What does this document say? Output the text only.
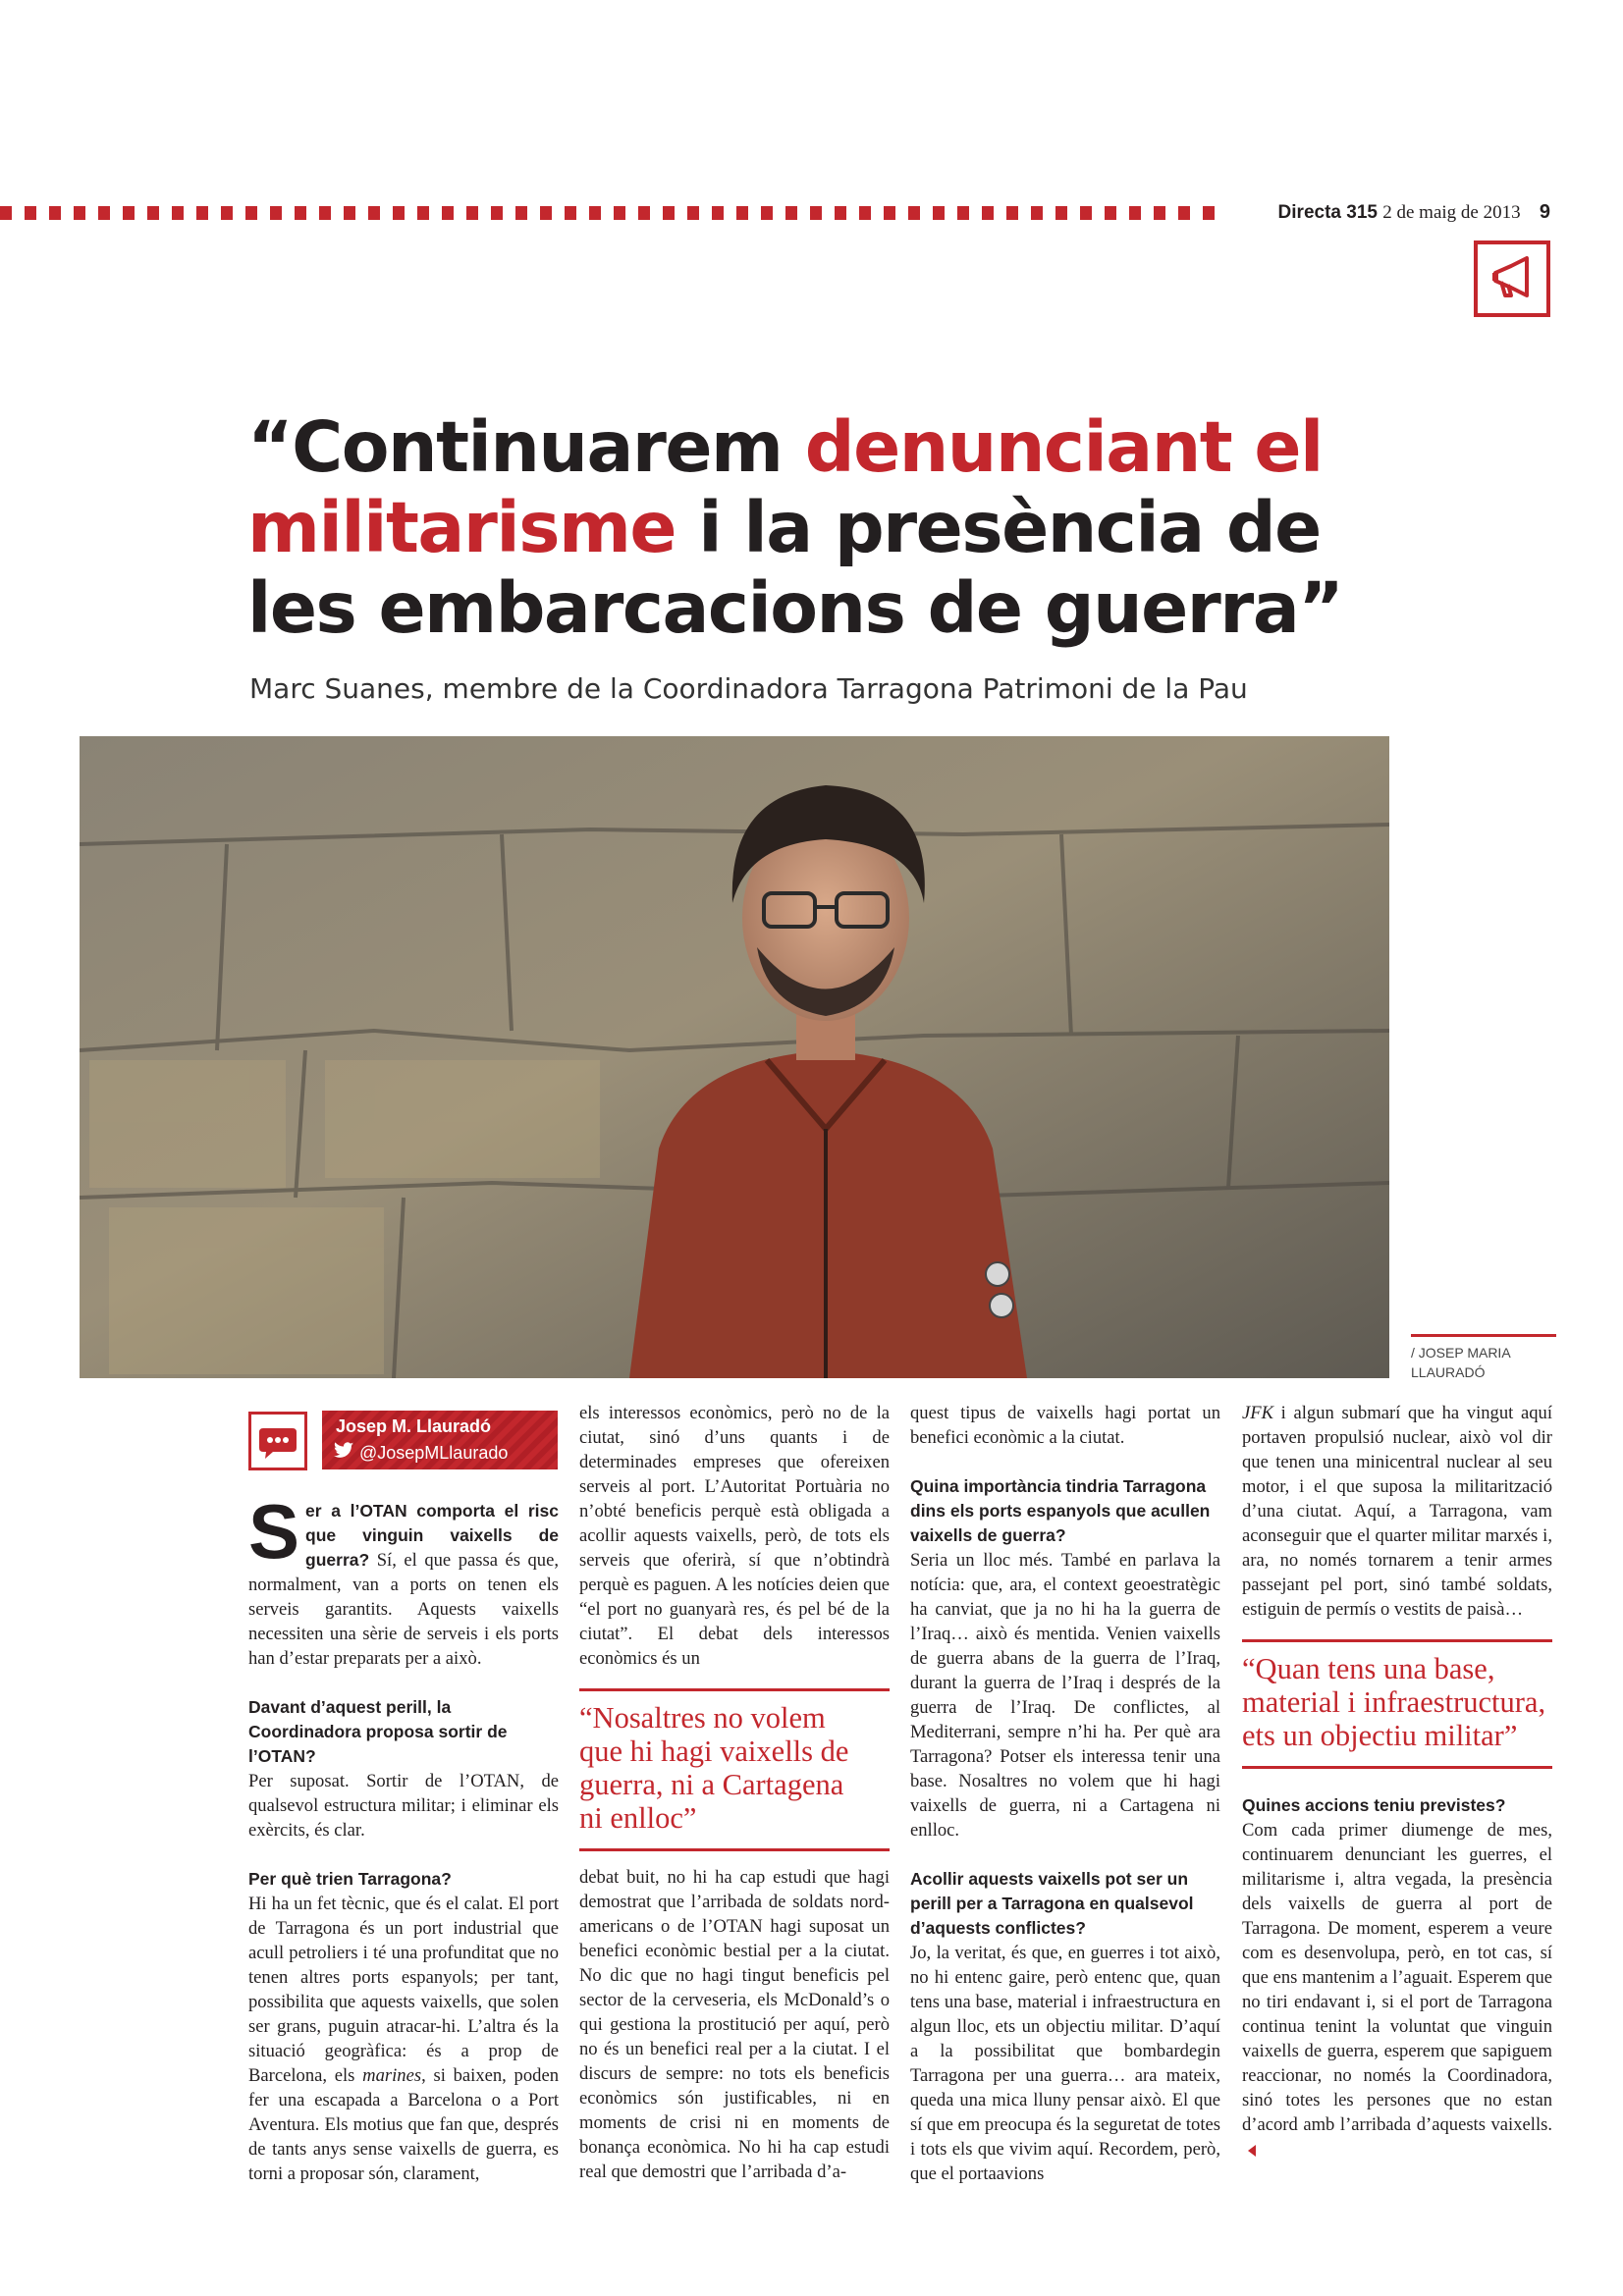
Directa 315 2 de maig de 2013 9
“Continuarem denunciant el militarisme i la presència de les embarcacions de guerra”
Marc Suanes, membre de la Coordinadora Tarragona Patrimoni de la Pau
/ JOSEP MARIA LLAURADÓ
Josep M. Llauradó
@JosepMLlaurado

S er a l’OTAN comporta el risc que vinguin vaixells de guerra? Sí, el que passa és que, normalment, van a ports on tenen els serveis garantits. Aquests vaixells necessiten una sèrie de serveis i els ports han d’estar preparats per a això.

Davant d’aquest perill, la Coordinadora proposa sortir de l’OTAN?

Per suposat. Sortir de l’OTAN, de qualsevol estructura militar; i eliminar els exèrcits, és clar.

Per què trien Tarragona?

Hi ha un fet tècnic, que és el calat. El port de Tarragona és un port industrial que acull petroliers i té una profunditat que no tenen altres ports espanyols; per tant, possibilita que aquests vaixells, que solen ser grans, puguin atracar-hi. L’altra és la situació geogràfica: és a prop de Barcelona, els marines, si baixen, poden fer una escapada a Barcelona o a Port Aventura. Els motius que fan que, després de tants anys sense vaixells de guerra, es torni a proposar són, clarament,

els interessos econòmics, però no de la ciutat, sinó d’uns quants i de determinades empreses que ofereixen serveis al port. L’Autoritat Portuària no n’obté beneficis perquè està obligada a acollir aquests vaixells, però, de tots els serveis que oferirà, sí que n’obtindrà perquè es paguen. A les notícies deien que “el port no guanyarà res, és pel bé de la ciutat”. El debat dels interessos econòmics és un

“Nosaltres no volem que hi hagi vaixells de guerra, ni a Cartagena ni enlloc”

debat buit, no hi ha cap estudi que hagi demostrat que l’arribada de soldats nord-americans o de l’OTAN hagi suposat un benefici econòmic bestial per a la ciutat. No dic que no hagi tingut beneficis pel sector de la cerveseria, els McDonald’s o qui gestiona la prostitució per aquí, però no és un benefici real per a la ciutat. I el discurs de sempre: no tots els beneficis econòmics són justificables, ni en moments de crisi ni en moments de bonança econòmica. No hi ha cap estudi real que demostri que l’arribada d’a-

quest tipus de vaixells hagi portat un benefici econòmic a la ciutat.

Quina importància tindria Tarragona dins els ports espanyols que acullen vaixells de guerra?

Seria un lloc més. També en parlava la notícia: que, ara, el context geoestratègic ha canviat, que ja no hi ha la guerra de l’Iraq… això és mentida. Venien vaixells de guerra abans de la guerra de l’Iraq, durant la guerra de l’Iraq i després de la guerra de l’Iraq. De conflictes, al Mediterrani, sempre n’hi ha. Per què ara Tarragona? Potser els interessa tenir una base. Nosaltres no volem que hi hagi vaixells de guerra, ni a Cartagena ni enlloc.

Acollir aquests vaixells pot ser un perill per a Tarragona en qualsevol d’aquests conflictes?

Jo, la veritat, és que, en guerres i tot això, no hi entenc gaire, però entenc que, quan tens una base, material i infraestructura en algun lloc, ets un objectiu militar. D’aquí a la possibilitat que bombardegin Tarragona per una guerra… ara mateix, queda una mica lluny pensar això. El que sí que em preocupa és la seguretat de totes i tots els que vivim aquí. Recordem, però, que el portaavions

JFK i algun submarí que ha vingut aquí portaven propulsió nuclear, això vol dir que tenen una minicentral nuclear al seu motor, i el que suposa la militarització d’una ciutat. Aquí, a Tarragona, vam aconseguir que el quarter militar marxés i, ara, no només tornarem a tenir armes passejant pel port, sinó també soldats, estiguin de permís o vestits de paisà…

“Quan tens una base, material i infraestructura, ets un objectiu militar”

Quines accions teniu previstes?

Com cada primer diumenge de mes, continuarem denunciant les guerres, el militarisme i, altra vegada, la presència dels vaixells de guerra al port de Tarragona. De moment, esperem a veure com es desenvolupa, però, en tot cas, sí que ens mantenim a l’aguait. Esperem que no tiri endavant i, si el port de Tarragona continua tenint la voluntat que vinguin vaixells de guerra, esperem que sapiguem reaccionar, no només la Coordinadora, sinó totes les persones que no estan d’acord amb l’arribada d’aquests vaixells.
